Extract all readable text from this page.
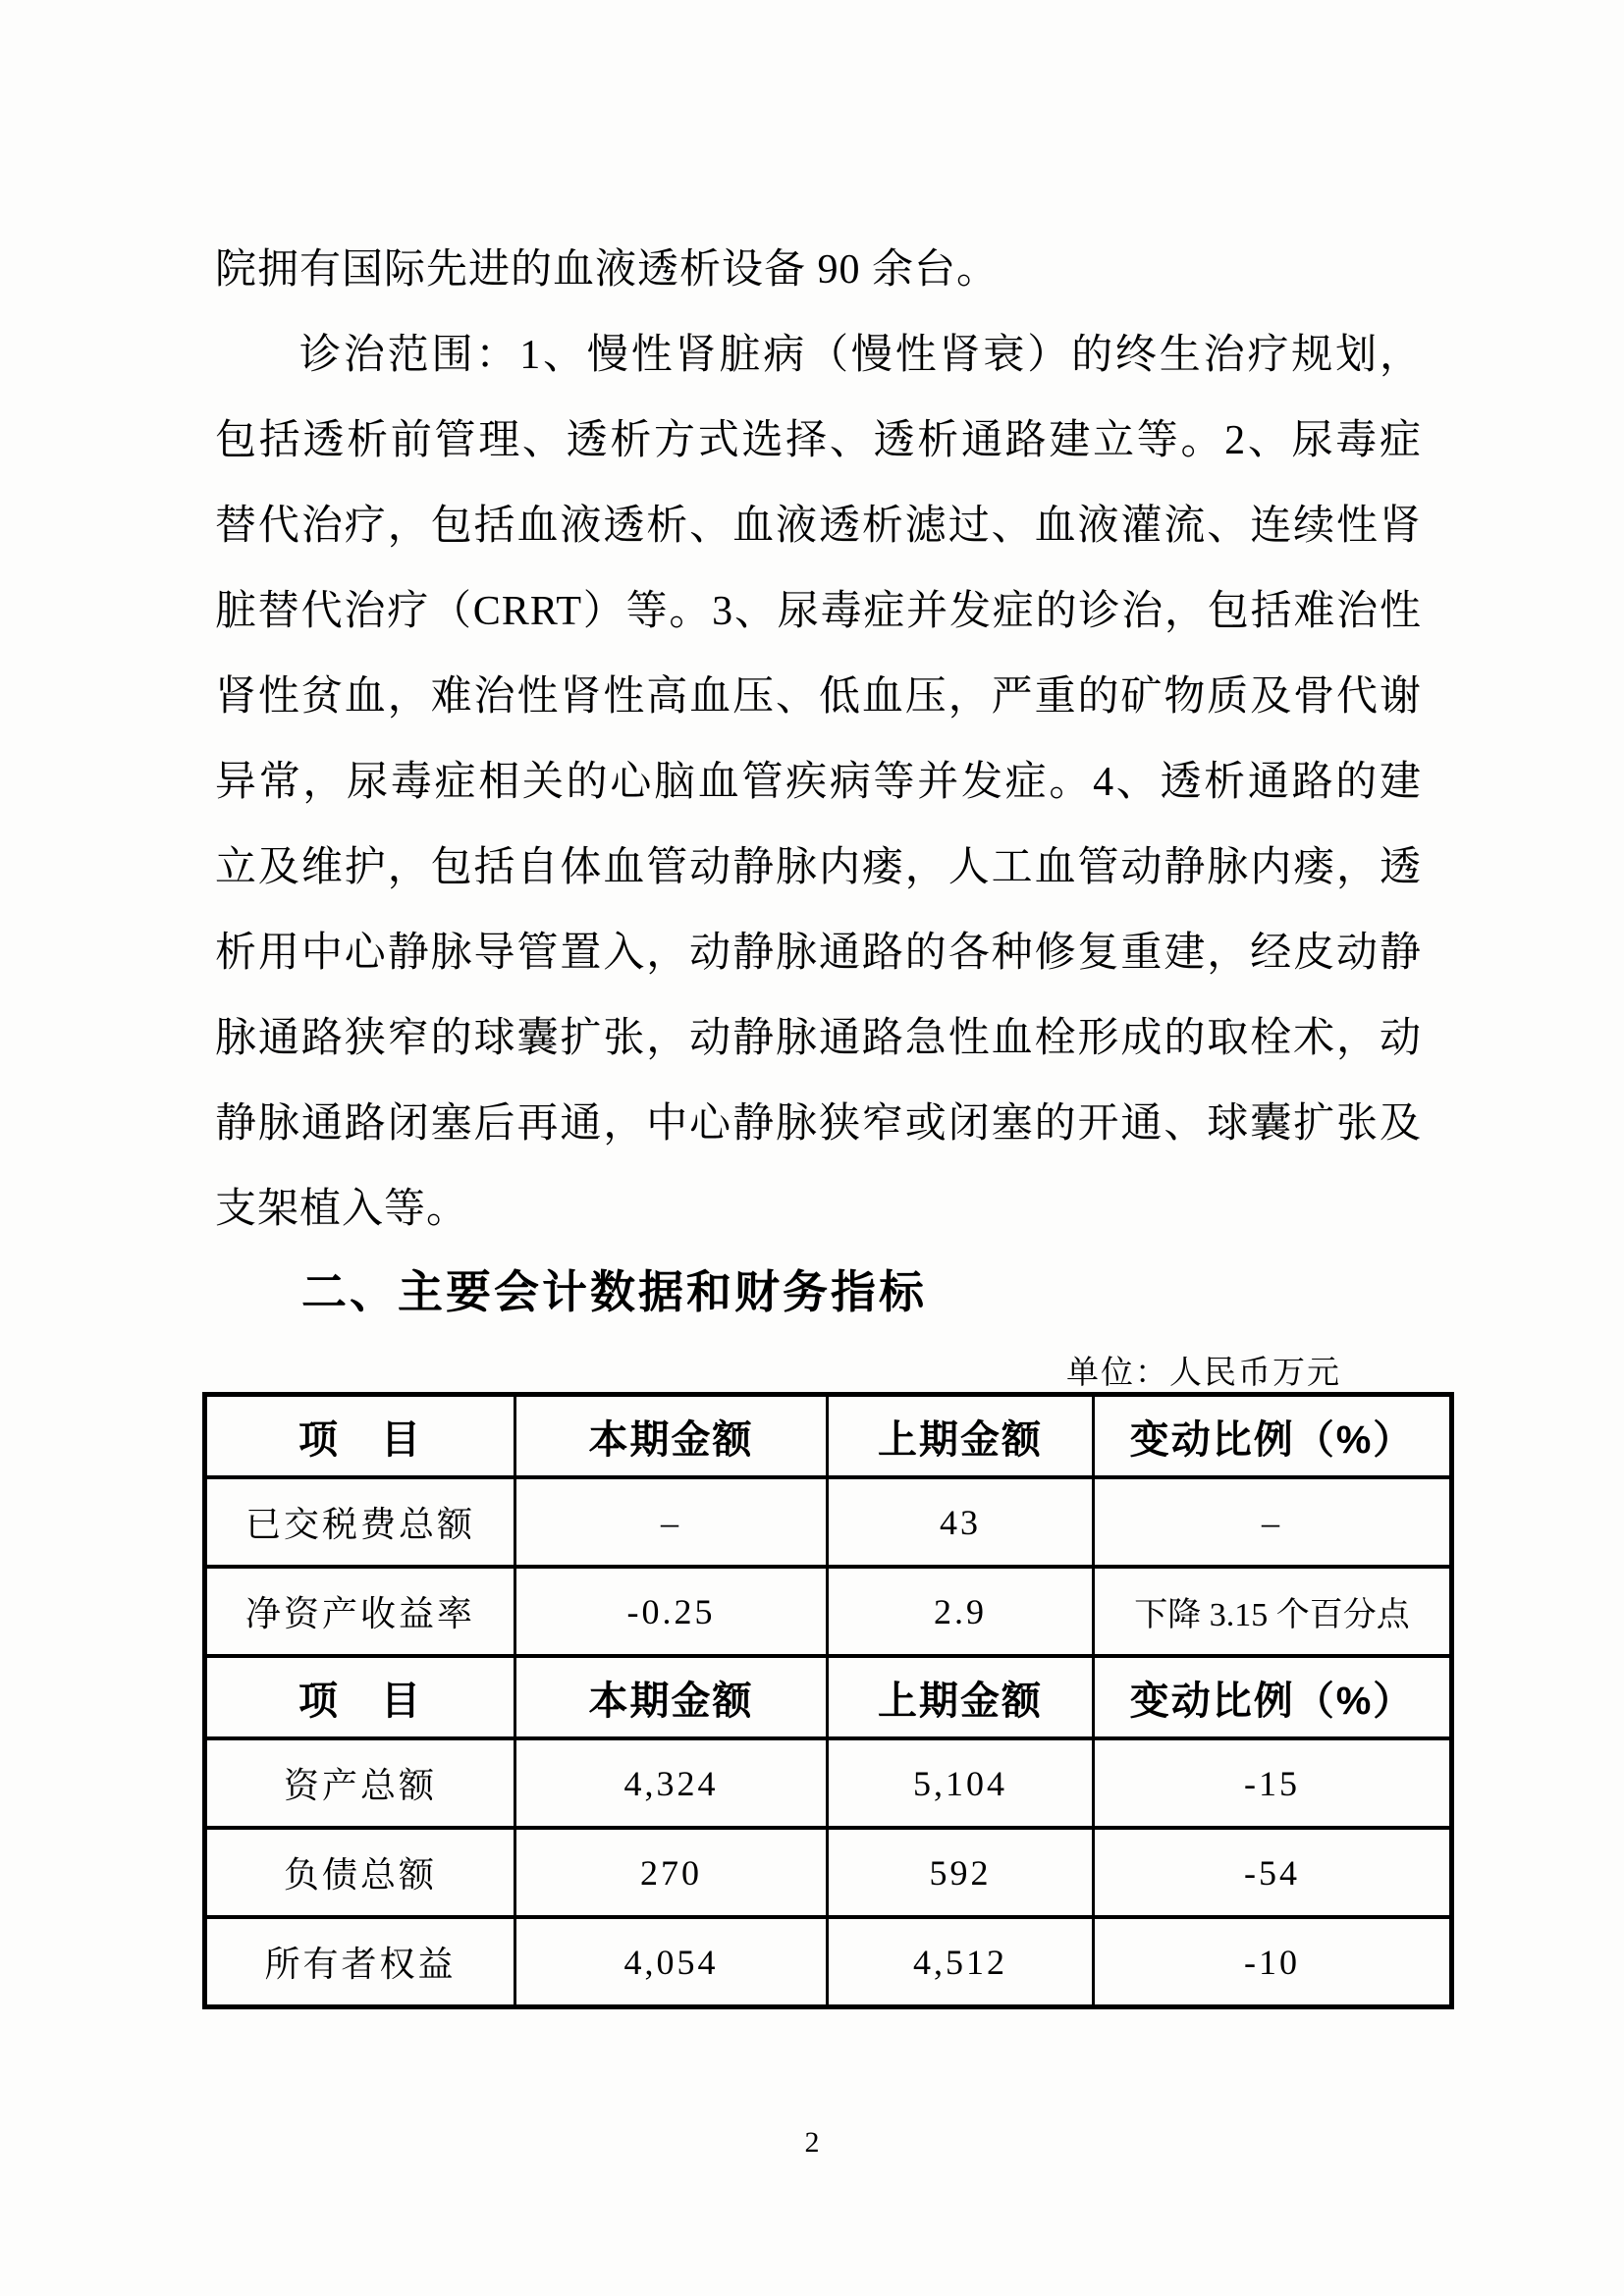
院拥有国际先进的血液透析设备 90 余台。
诊治范围：1、慢性肾脏病（慢性肾衰）的终生治疗规划，
包括透析前管理、透析方式选择、透析通路建立等。2、尿毒症
替代治疗，包括血液透析、血液透析滤过、血液灌流、连续性肾
脏替代治疗（CRRT）等。3、尿毒症并发症的诊治，包括难治性
肾性贫血，难治性肾性高血压、低血压，严重的矿物质及骨代谢
异常，尿毒症相关的心脑血管疾病等并发症。4、透析通路的建
立及维护，包括自体血管动静脉内瘘，人工血管动静脉内瘘，透
析用中心静脉导管置入，动静脉通路的各种修复重建，经皮动静
脉通路狭窄的球囊扩张，动静脉通路急性血栓形成的取栓术，动
静脉通路闭塞后再通，中心静脉狭窄或闭塞的开通、球囊扩张及
支架植入等。
二、主要会计数据和财务指标
单位：人民币万元
项　目	本期金额	上期金额	变动比例（%）
已交税费总额	–	43	–
净资产收益率	-0.25	2.9	下降 3.15 个百分点
项　目	本期金额	上期金额	变动比例（%）
资产总额	4,324	5,104	-15
负债总额	270	592	-54
所有者权益	4,054	4,512	-10
2
